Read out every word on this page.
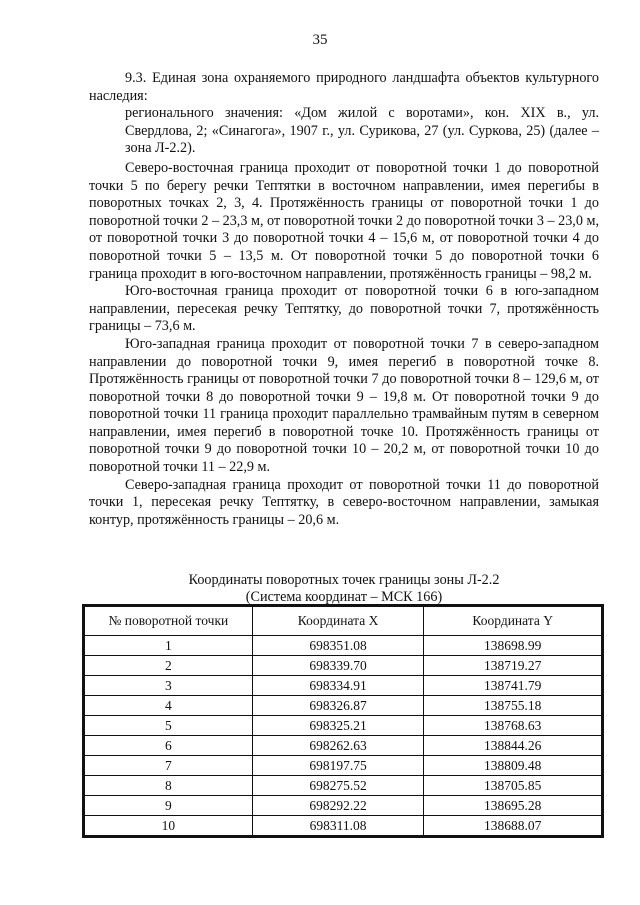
35

9.3. Единая зона охраняемого природного ландшафта объектов культурного наследия:

регионального значения: «Дом жилой с воротами», кон. XIX в., ул. Свердлова, 2; «Синагога», 1907 г., ул. Сурикова, 27 (ул. Суркова, 25) (далее – зона Л-2.2).

Северо-восточная граница проходит от поворотной точки 1 до поворотной точки 5 по берегу речки Тептятки в восточном направлении, имея перегибы в поворотных точках 2, 3, 4. Протяжённость границы от поворотной точки 1 до поворотной точки 2 – 23,3 м, от поворотной точки 2 до поворотной точки 3 – 23,0 м, от поворотной точки 3 до поворотной точки 4 – 15,6 м, от поворотной точки 4 до поворотной точки 5 – 13,5 м. От поворотной точки 5 до поворотной точки 6 граница проходит в юго-восточном направлении, протяжённость границы – 98,2 м.

Юго-восточная граница проходит от поворотной точки 6 в юго-западном направлении, пересекая речку Тептятку, до поворотной точки 7, протяжённость границы – 73,6 м.

Юго-западная граница проходит от поворотной точки 7 в северо-западном направлении до поворотной точки 9, имея перегиб в поворотной точке 8. Протяжённость границы от поворотной точки 7 до поворотной точки 8 – 129,6 м, от поворотной точки 8 до поворотной точки 9 – 19,8 м. От поворотной точки 9 до поворотной точки 11 граница проходит параллельно трамвайным путям в северном направлении, имея перегиб в поворотной точке 10. Протяжённость границы от поворотной точки 9 до поворотной точки 10 – 20,2 м, от поворотной точки 10 до поворотной точки 11 – 22,9 м.

Северо-западная граница проходит от поворотной точки 11 до поворотной точки 1, пересекая речку Тептятку, в северо-восточном направлении, замыкая контур, протяжённость границы – 20,6 м.

Координаты поворотных точек границы зоны Л-2.2
(Система координат – МСК 166)
№ поворотной точки	Координата X	Координата Y
1	698351.08	138698.99
2	698339.70	138719.27
3	698334.91	138741.79
4	698326.87	138755.18
5	698325.21	138768.63
6	698262.63	138844.26
7	698197.75	138809.48
8	698275.52	138705.85
9	698292.22	138695.28
10	698311.08	138688.07
